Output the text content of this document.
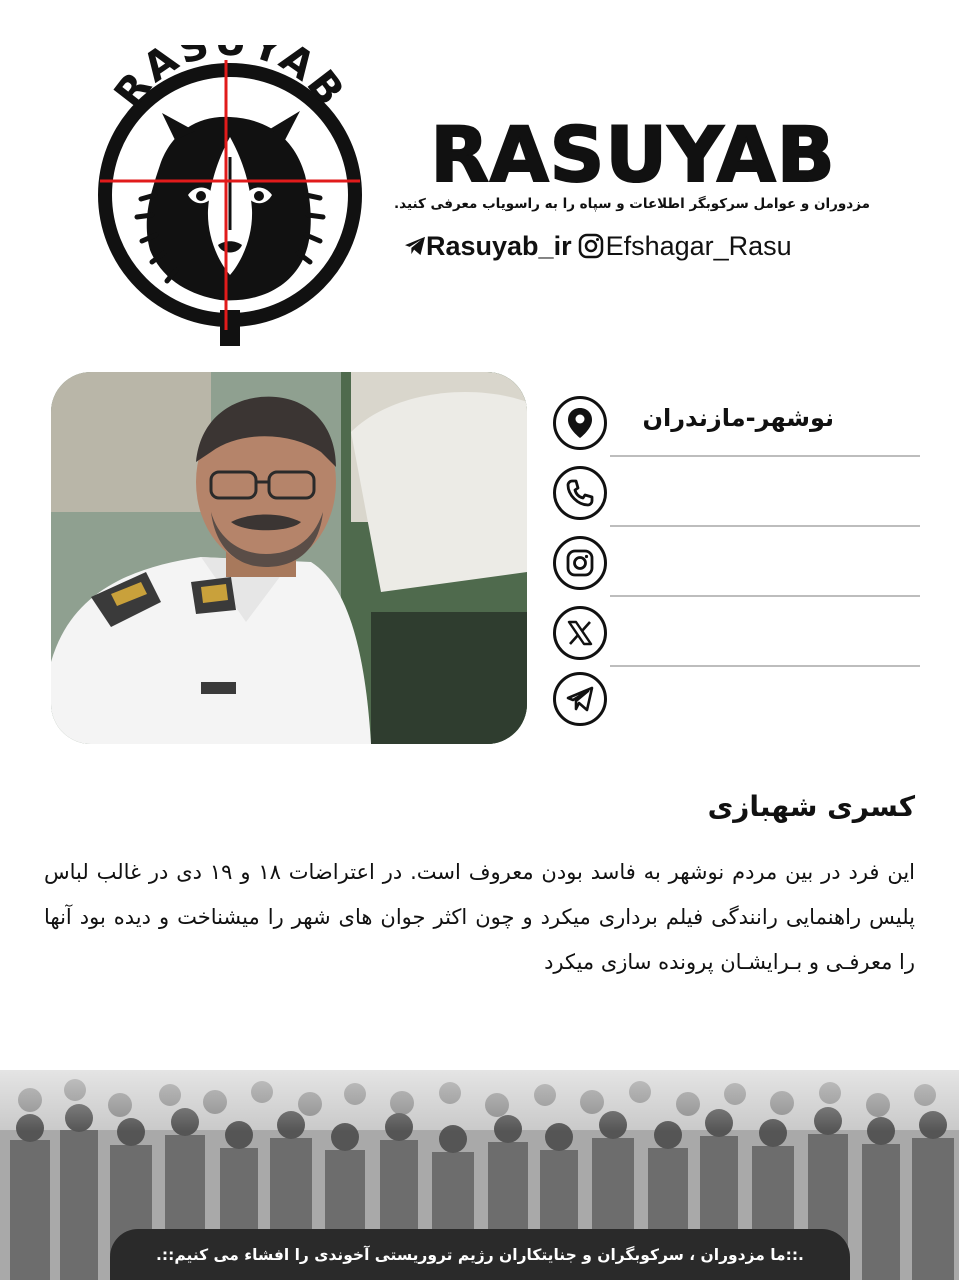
RAS YAB
RASUYAB
مزدوران و عوامل سرکوبگر اطلاعات و سپاه را به راسویاب معرفی کنید.
Rasuyab_ir Efshagar_Rasu
نوشهر-مازندران
کسری شهبازی
این فرد در بین مردم نوشهر به فاسد بودن معروف است. در اعتراضات ۱۸ و ۱۹ دی در غالب لباس پلیس راهنمایی رانندگی فیلم برداری میکرد و چون اکثر جوان های شهر را میشناخت و دیده بود آنها را معرفـی و بـرایشـان پرونده سازی میکرد
.::ما مزدوران ، سرکوبگران و جنایتکاران رژیم تروریستی آخوندی را افشاء می کنیم::.
